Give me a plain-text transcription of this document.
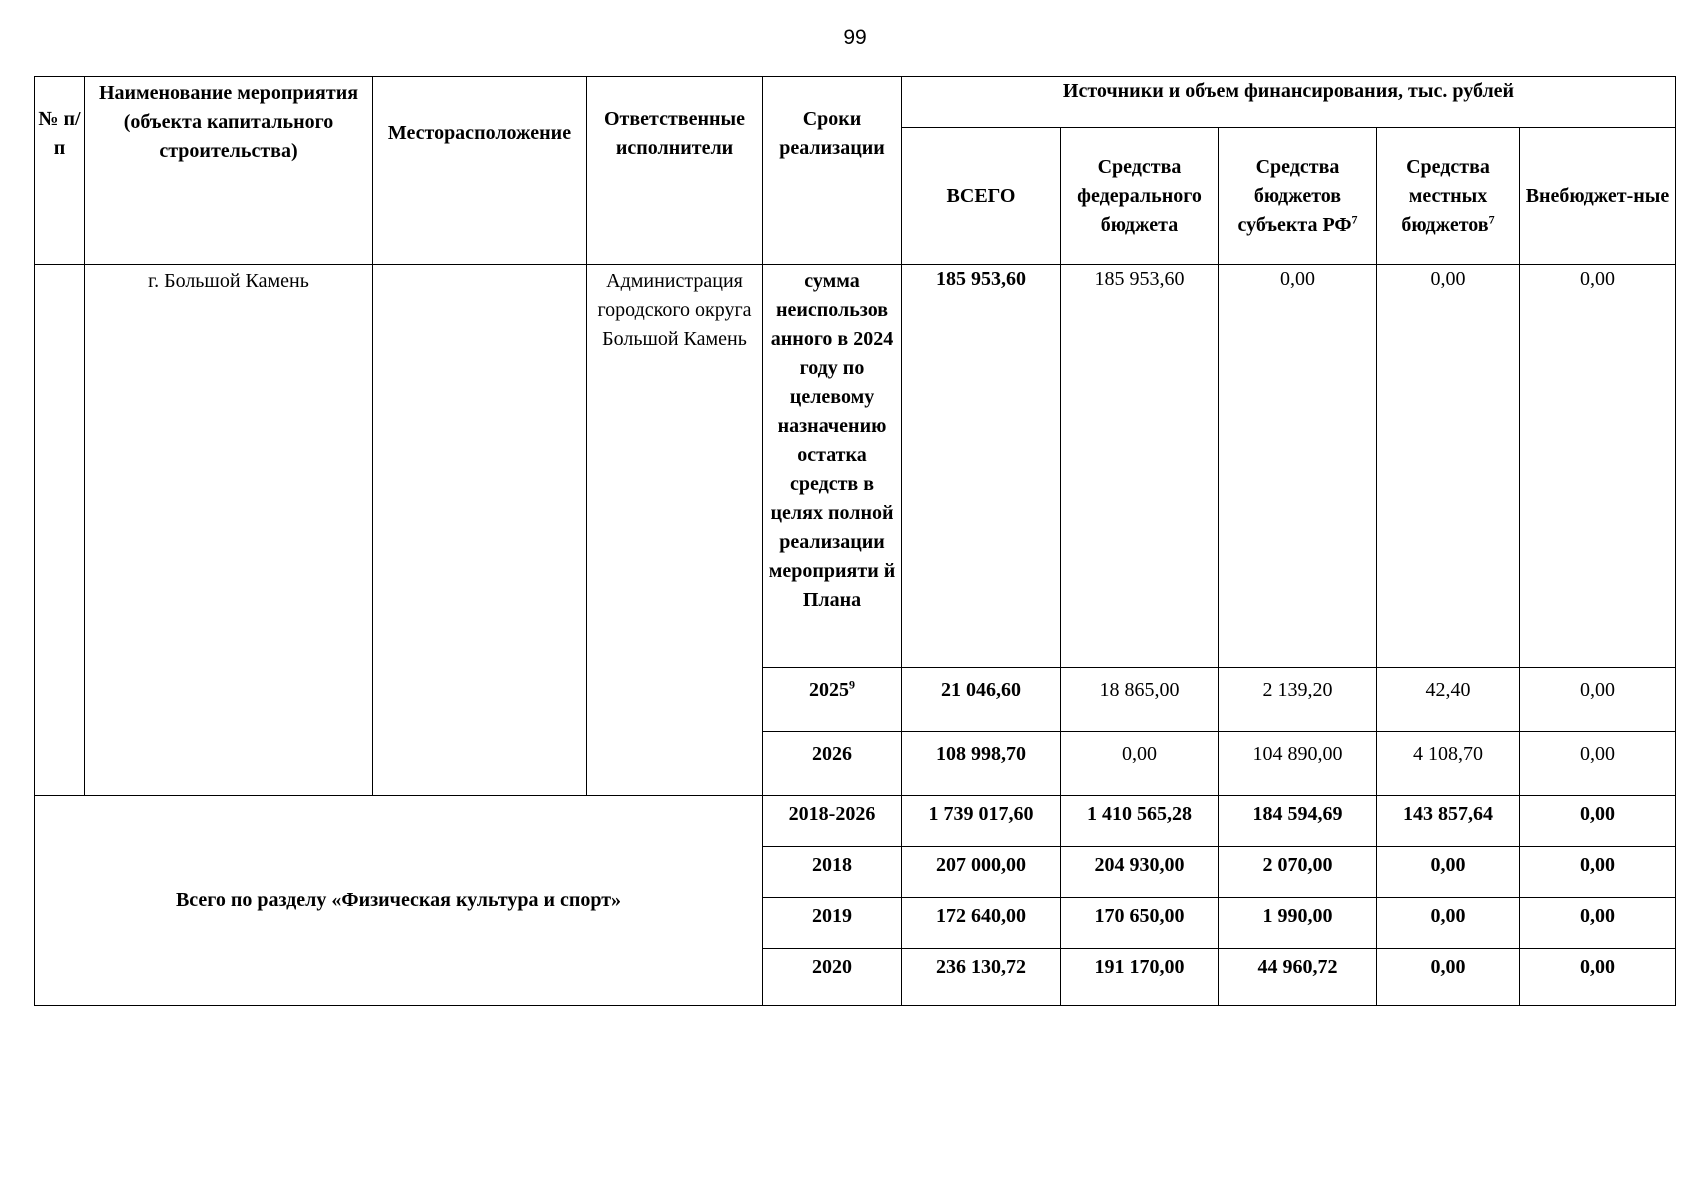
99
№ п/п	Наименование мероприятия (объекта капитального строительства)	Месторасположение	Ответственные исполнители	Сроки реализации	Источники и объем финансирования, тыс. рублей				
					ВСЕГО	Средства федерального бюджета	Средства бюджетов субъекта $РФ^7$	Средства местных бюджетов$^7$	Внебюджет-ные
	г. Большой Камень		Администрация городского округа Большой Камень	сумма неиспользов анного в 2024 году по целевому назначению остатка средств в целях полной реализации мероприяти й Плана	185 953,60	185 953,60	0,00	0,00	0,00
				2025$^9$	21 046,60	18 865,00	2 139,20	42,40	0,00
				2026	108 998,70	0,00	104 890,00	4 108,70	0,00
Всего по разделу «Физическая культура и спорт»				2018-2026	1 739 017,60	1 410 565,28	184 594,69	143 857,64	0,00
				2018	207 000,00	204 930,00	2 070,00	0,00	0,00
				2019	172 640,00	170 650,00	1 990,00	0,00	0,00
				2020	236 130,72	191 170,00	44 960,72	0,00	0,00
